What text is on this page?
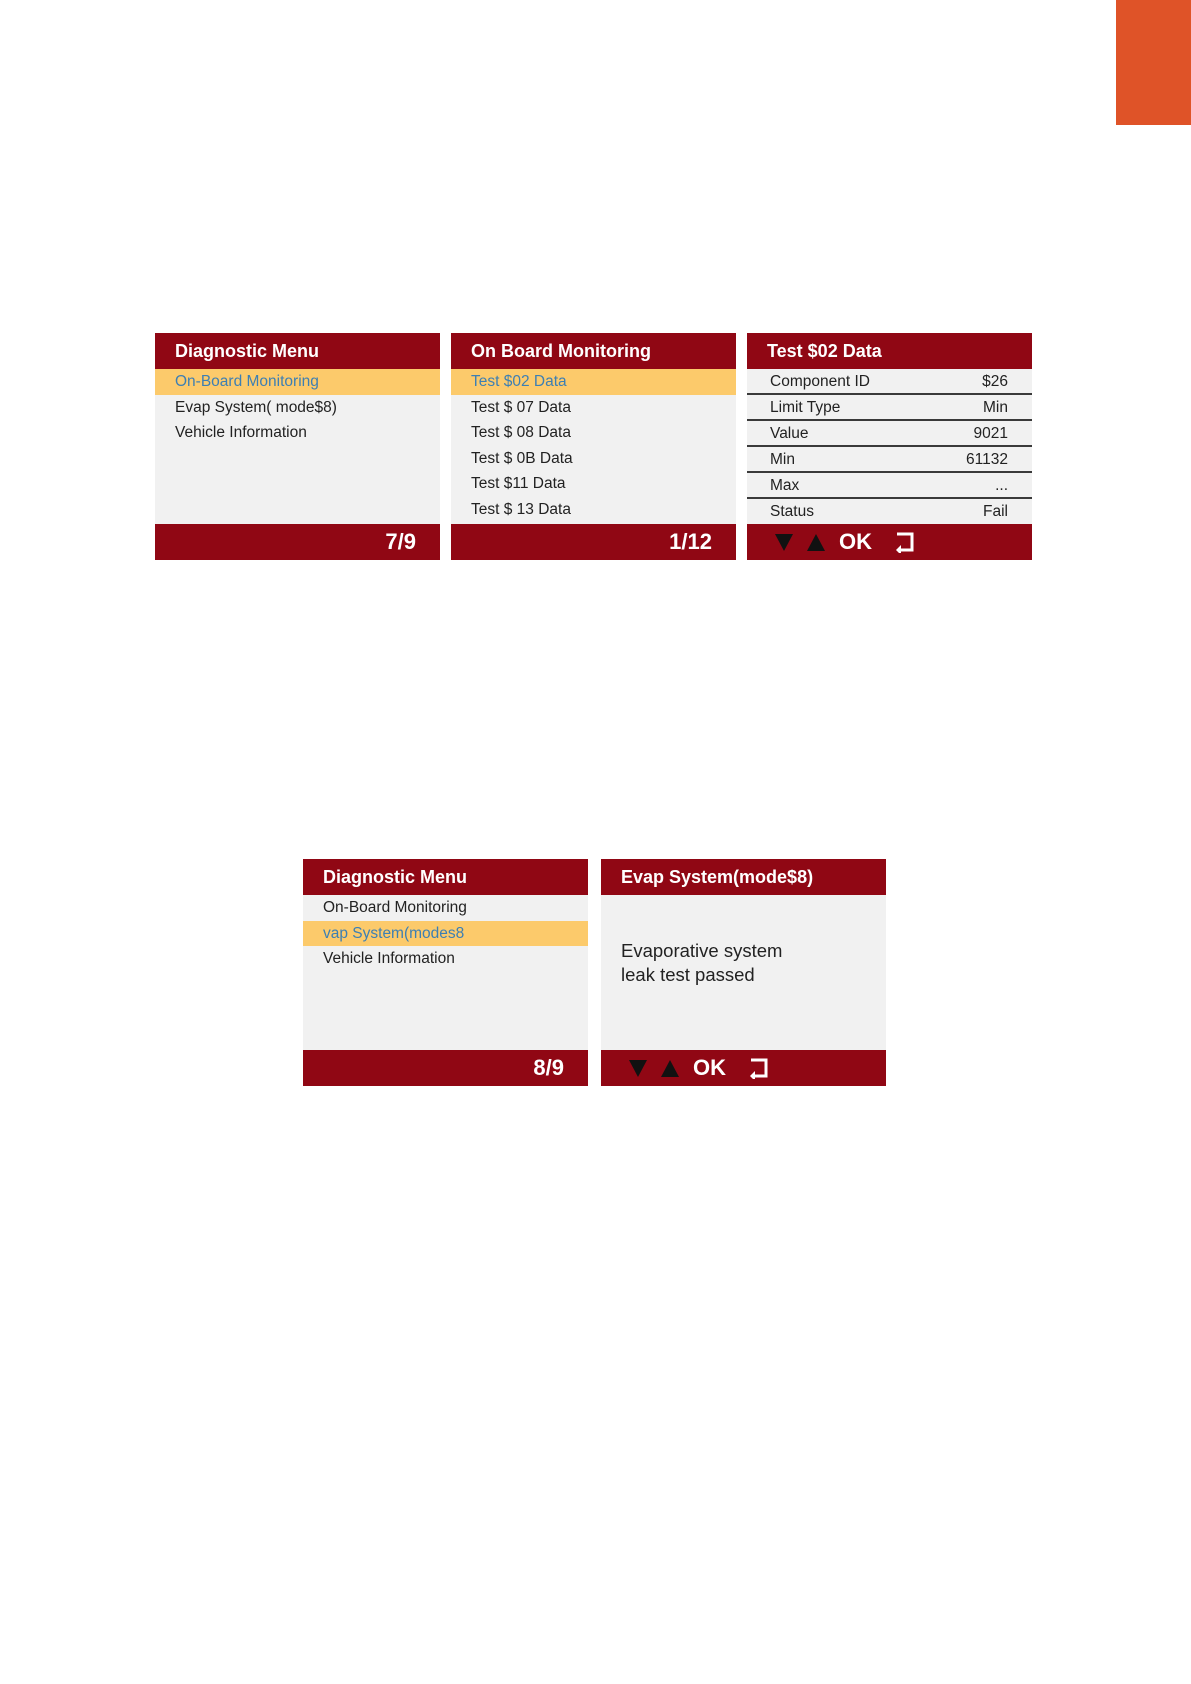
Diagnostic Menu
On-Board Monitoring
Evap System( mode$8)
Vehicle Information
7/9
On Board Monitoring
Test $02 Data
Test $ 07 Data
Test $ 08 Data
Test $ 0B Data
Test $11 Data
Test $ 13 Data
1/12
Test $02 Data
Component ID	$26
Limit Type	Min
Value	9021
Min	61132
Max	...
Status	Fail
OK
Diagnostic Menu
On-Board Monitoring
vap System(modes8
Vehicle Information
8/9
Evap System(mode$8)
Evaporative system
leak test passed
OK
